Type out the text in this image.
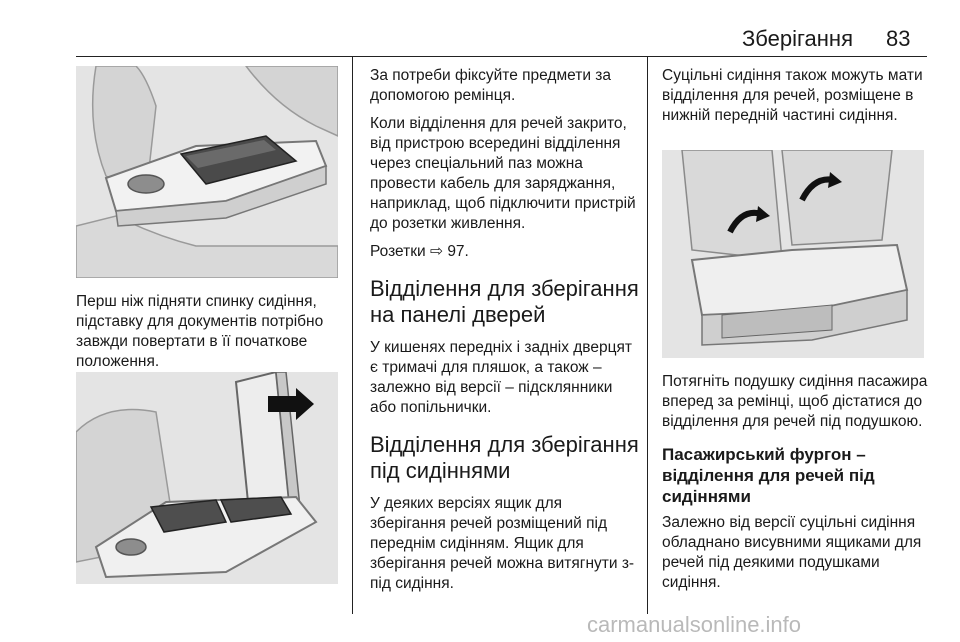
Зберігання 83

Перш ніж підняти спинку сидіння, підставку для документів потрібно завжди повертати в її початкове положення.

За потреби фіксуйте предмети за допомогою ремінця.

Коли відділення для речей закрито, від пристрою всередині відділення через спеціальний паз можна провести кабель для заряджання, наприклад, щоб підключити пристрій до розетки живлення.

Розетки ⇨ 97.

Відділення для зберігання на панелі дверей

У кишенях передніх і задніх дверцят є тримачі для пляшок, а також – залежно від версії – підсклянники або попільнички.

Відділення для зберігання під сидіннями

У деяких версіях ящик для зберігання речей розміщений під переднім сидінням. Ящик для зберігання речей можна витягнути з-під сидіння.

Суцільні сидіння також можуть мати відділення для речей, розміщене в нижній передній частині сидіння.

Потягніть подушку сидіння пасажира вперед за ремінці, щоб дістатися до відділення для речей під подушкою.

Пасажирський фургон – відділення для речей під сидіннями

Залежно від версії суцільні сидіння обладнано висувними ящиками для речей під деякими подушками сидіння.

carmanualsonline.info
